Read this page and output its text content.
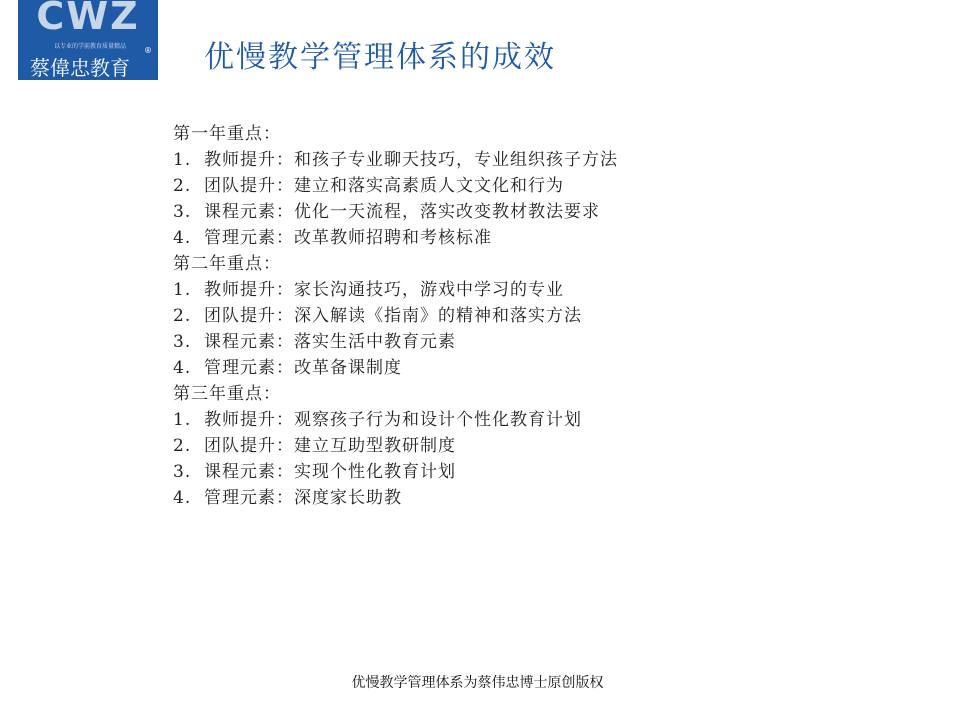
CWZ
以专业的学前教育质量精品
蔡偉忠教育
® 优慢教学管理体系的成效
第一年重点：
1. 教师提升：和孩子专业聊天技巧，专业组织孩子方法
2. 团队提升：建立和落实高素质人文文化和行为
3. 课程元素：优化一天流程，落实改变教材教法要求
4. 管理元素：改革教师招聘和考核标准
第二年重点：
1. 教师提升：家长沟通技巧，游戏中学习的专业
2. 团队提升：深入解读《指南》的精神和落实方法
3. 课程元素：落实生活中教育元素
4. 管理元素：改革备课制度
第三年重点：
1. 教师提升：观察孩子行为和设计个性化教育计划
2. 团队提升：建立互助型教研制度
3. 课程元素：实现个性化教育计划
4. 管理元素：深度家长助教
优慢教学管理体系为蔡伟忠博士原创版权
